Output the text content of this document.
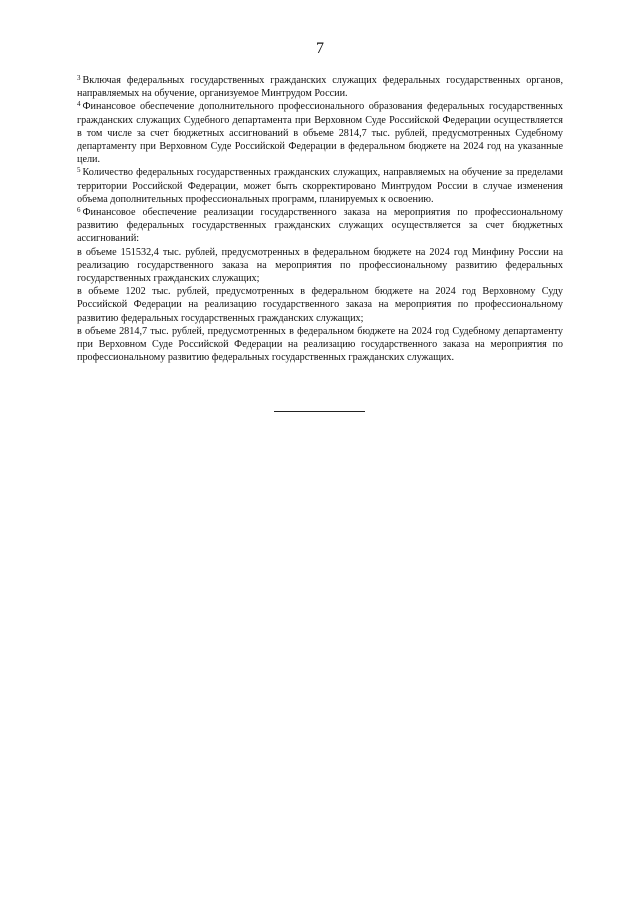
7

$^3$ Включая федеральных государственных гражданских служащих федеральных государственных органов, направляемых на обучение, организуемое Минтрудом России.

$^4$ Финансовое обеспечение дополнительного профессионального образования федеральных государственных гражданских служащих Судебного департамента при Верховном Суде Российской Федерации осуществляется в том числе за счет бюджетных ассигнований в объеме 2814,7 тыс. рублей, предусмотренных Судебному департаменту при Верховном Суде Российской Федерации в федеральном бюджете на 2024 год на указанные цели.

$^5$ Количество федеральных государственных гражданских служащих, направляемых на обучение за пределами территории Российской Федерации, может быть скорректировано Минтрудом России в случае изменения объема дополнительных профессиональных программ, планируемых к освоению.

$^6$ Финансовое обеспечение реализации государственного заказа на мероприятия по профессиональному развитию федеральных государственных гражданских служащих осуществляется за счет бюджетных ассигнований:

в объеме 151532,4 тыс. рублей, предусмотренных в федеральном бюджете на 2024 год Минфину России на реализацию государственного заказа на мероприятия по профессиональному развитию федеральных государственных гражданских служащих;

в объеме 1202 тыс. рублей, предусмотренных в федеральном бюджете на 2024 год Верховному Суду Российской Федерации на реализацию государственного заказа на мероприятия по профессиональному развитию федеральных государственных гражданских служащих;

в объеме 2814,7 тыс. рублей, предусмотренных в федеральном бюджете на 2024 год Судебному департаменту при Верховном Суде Российской Федерации на реализацию государственного заказа на мероприятия по профессиональному развитию федеральных государственных гражданских служащих.
